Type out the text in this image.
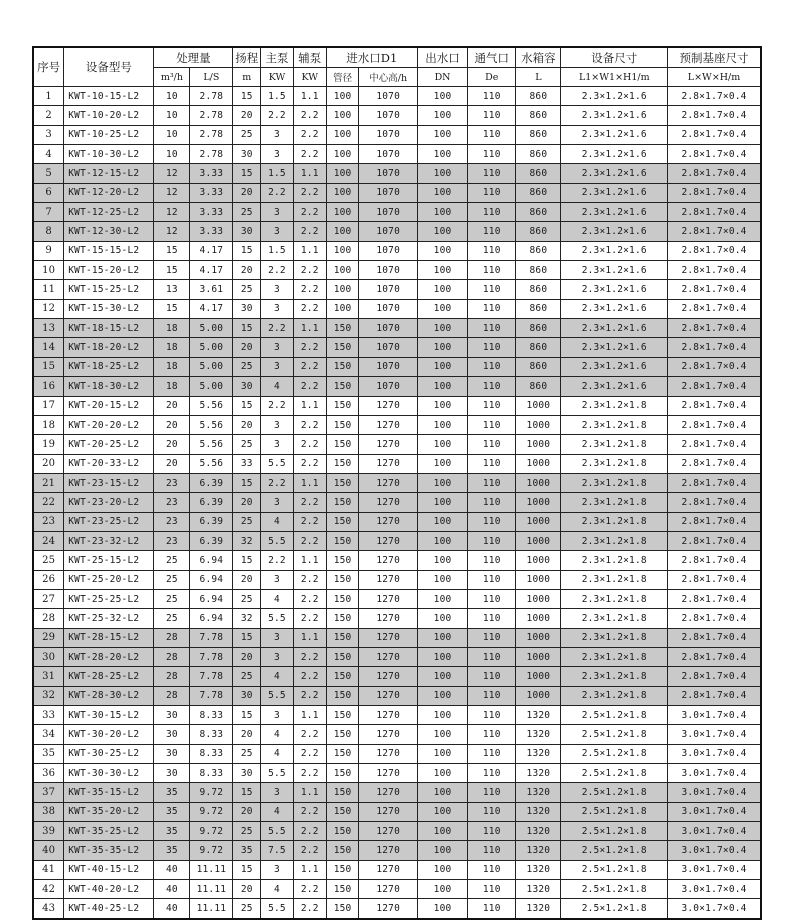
序号	设备型号	处理量		扬程	主泵	辅泵	进水口D1		出水口	通气口	水箱容	设备尺寸	预制基座尺寸
		m³/h	L/S	m	KW	KW	管径	中心高/h	DN	De	L	L1×W1×H1/m	L×W×H/m
1	KWT-10-15-L2	10	2.78	15	1.5	1.1	100	1070	100	110	860	2.3×1.2×1.6	2.8×1.7×0.4
2	KWT-10-20-L2	10	2.78	20	2.2	2.2	100	1070	100	110	860	2.3×1.2×1.6	2.8×1.7×0.4
3	KWT-10-25-L2	10	2.78	25	3	2.2	100	1070	100	110	860	2.3×1.2×1.6	2.8×1.7×0.4
4	KWT-10-30-L2	10	2.78	30	3	2.2	100	1070	100	110	860	2.3×1.2×1.6	2.8×1.7×0.4
5	KWT-12-15-L2	12	3.33	15	1.5	1.1	100	1070	100	110	860	2.3×1.2×1.6	2.8×1.7×0.4
6	KWT-12-20-L2	12	3.33	20	2.2	2.2	100	1070	100	110	860	2.3×1.2×1.6	2.8×1.7×0.4
7	KWT-12-25-L2	12	3.33	25	3	2.2	100	1070	100	110	860	2.3×1.2×1.6	2.8×1.7×0.4
8	KWT-12-30-L2	12	3.33	30	3	2.2	100	1070	100	110	860	2.3×1.2×1.6	2.8×1.7×0.4
9	KWT-15-15-L2	15	4.17	15	1.5	1.1	100	1070	100	110	860	2.3×1.2×1.6	2.8×1.7×0.4
10	KWT-15-20-L2	15	4.17	20	2.2	2.2	100	1070	100	110	860	2.3×1.2×1.6	2.8×1.7×0.4
11	KWT-15-25-L2	13	3.61	25	3	2.2	100	1070	100	110	860	2.3×1.2×1.6	2.8×1.7×0.4
12	KWT-15-30-L2	15	4.17	30	3	2.2	100	1070	100	110	860	2.3×1.2×1.6	2.8×1.7×0.4
13	KWT-18-15-L2	18	5.00	15	2.2	1.1	150	1070	100	110	860	2.3×1.2×1.6	2.8×1.7×0.4
14	KWT-18-20-L2	18	5.00	20	3	2.2	150	1070	100	110	860	2.3×1.2×1.6	2.8×1.7×0.4
15	KWT-18-25-L2	18	5.00	25	3	2.2	150	1070	100	110	860	2.3×1.2×1.6	2.8×1.7×0.4
16	KWT-18-30-L2	18	5.00	30	4	2.2	150	1070	100	110	860	2.3×1.2×1.6	2.8×1.7×0.4
17	KWT-20-15-L2	20	5.56	15	2.2	1.1	150	1270	100	110	1000	2.3×1.2×1.8	2.8×1.7×0.4
18	KWT-20-20-L2	20	5.56	20	3	2.2	150	1270	100	110	1000	2.3×1.2×1.8	2.8×1.7×0.4
19	KWT-20-25-L2	20	5.56	25	3	2.2	150	1270	100	110	1000	2.3×1.2×1.8	2.8×1.7×0.4
20	KWT-20-33-L2	20	5.56	33	5.5	2.2	150	1270	100	110	1000	2.3×1.2×1.8	2.8×1.7×0.4
21	KWT-23-15-L2	23	6.39	15	2.2	1.1	150	1270	100	110	1000	2.3×1.2×1.8	2.8×1.7×0.4
22	KWT-23-20-L2	23	6.39	20	3	2.2	150	1270	100	110	1000	2.3×1.2×1.8	2.8×1.7×0.4
23	KWT-23-25-L2	23	6.39	25	4	2.2	150	1270	100	110	1000	2.3×1.2×1.8	2.8×1.7×0.4
24	KWT-23-32-L2	23	6.39	32	5.5	2.2	150	1270	100	110	1000	2.3×1.2×1.8	2.8×1.7×0.4
25	KWT-25-15-L2	25	6.94	15	2.2	1.1	150	1270	100	110	1000	2.3×1.2×1.8	2.8×1.7×0.4
26	KWT-25-20-L2	25	6.94	20	3	2.2	150	1270	100	110	1000	2.3×1.2×1.8	2.8×1.7×0.4
27	KWT-25-25-L2	25	6.94	25	4	2.2	150	1270	100	110	1000	2.3×1.2×1.8	2.8×1.7×0.4
28	KWT-25-32-L2	25	6.94	32	5.5	2.2	150	1270	100	110	1000	2.3×1.2×1.8	2.8×1.7×0.4
29	KWT-28-15-L2	28	7.78	15	3	1.1	150	1270	100	110	1000	2.3×1.2×1.8	2.8×1.7×0.4
30	KWT-28-20-L2	28	7.78	20	3	2.2	150	1270	100	110	1000	2.3×1.2×1.8	2.8×1.7×0.4
31	KWT-28-25-L2	28	7.78	25	4	2.2	150	1270	100	110	1000	2.3×1.2×1.8	2.8×1.7×0.4
32	KWT-28-30-L2	28	7.78	30	5.5	2.2	150	1270	100	110	1000	2.3×1.2×1.8	2.8×1.7×0.4
33	KWT-30-15-L2	30	8.33	15	3	1.1	150	1270	100	110	1320	2.5×1.2×1.8	3.0×1.7×0.4
34	KWT-30-20-L2	30	8.33	20	4	2.2	150	1270	100	110	1320	2.5×1.2×1.8	3.0×1.7×0.4
35	KWT-30-25-L2	30	8.33	25	4	2.2	150	1270	100	110	1320	2.5×1.2×1.8	3.0×1.7×0.4
36	KWT-30-30-L2	30	8.33	30	5.5	2.2	150	1270	100	110	1320	2.5×1.2×1.8	3.0×1.7×0.4
37	KWT-35-15-L2	35	9.72	15	3	1.1	150	1270	100	110	1320	2.5×1.2×1.8	3.0×1.7×0.4
38	KWT-35-20-L2	35	9.72	20	4	2.2	150	1270	100	110	1320	2.5×1.2×1.8	3.0×1.7×0.4
39	KWT-35-25-L2	35	9.72	25	5.5	2.2	150	1270	100	110	1320	2.5×1.2×1.8	3.0×1.7×0.4
40	KWT-35-35-L2	35	9.72	35	7.5	2.2	150	1270	100	110	1320	2.5×1.2×1.8	3.0×1.7×0.4
41	KWT-40-15-L2	40	11.11	15	3	1.1	150	1270	100	110	1320	2.5×1.2×1.8	3.0×1.7×0.4
42	KWT-40-20-L2	40	11.11	20	4	2.2	150	1270	100	110	1320	2.5×1.2×1.8	3.0×1.7×0.4
43	KWT-40-25-L2	40	11.11	25	5.5	2.2	150	1270	100	110	1320	2.5×1.2×1.8	3.0×1.7×0.4
